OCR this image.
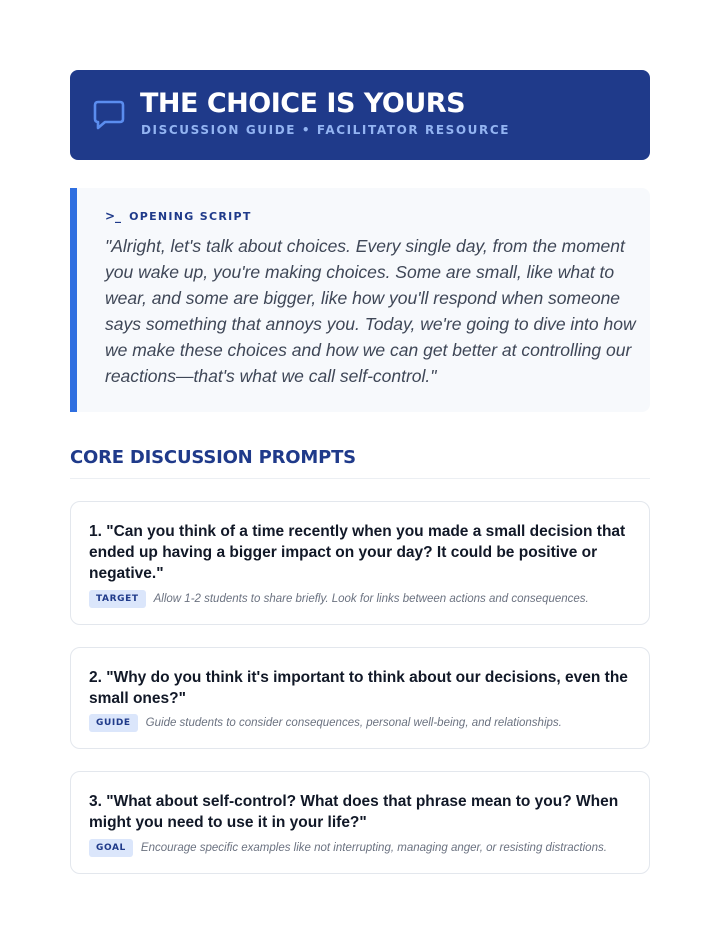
THE CHOICE IS YOURS
DISCUSSION GUIDE • FACILITATOR RESOURCE
>_ OPENING SCRIPT
"Alright, let's talk about choices. Every single day, from the moment you wake up, you're making choices. Some are small, like what to wear, and some are bigger, like how you'll respond when someone says something that annoys you. Today, we're going to dive into how we make these choices and how we can get better at controlling our reactions—that's what we call self-control."
CORE DISCUSSION PROMPTS
1. "Can you think of a time recently when you made a small decision that ended up having a bigger impact on your day? It could be positive or negative."
TARGET	Allow 1-2 students to share briefly. Look for links between actions and consequences.
2. "Why do you think it's important to think about our decisions, even the small ones?"
GUIDE	Guide students to consider consequences, personal well-being, and relationships.
3. "What about self-control? What does that phrase mean to you? When might you need to use it in your life?"
GOAL	Encourage specific examples like not interrupting, managing anger, or resisting distractions.
